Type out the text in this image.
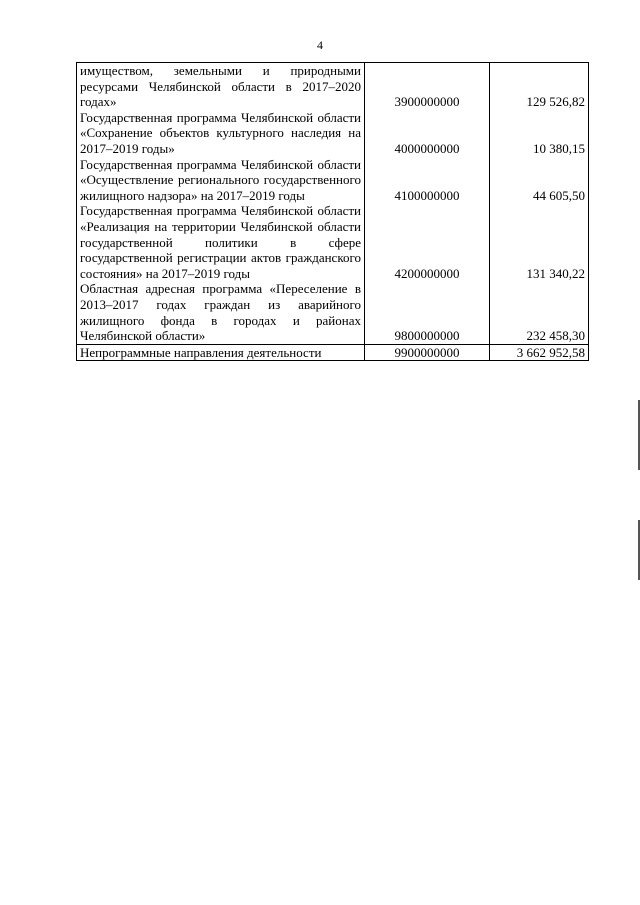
4
имуществом, земельными и природными ресурсами Челябинской области в 2017–2020 годах»	3900000000	129 526,82
Государственная программа Челябинской области «Сохранение объектов культурного наследия на 2017–2019 годы»	4000000000	10 380,15
Государственная программа Челябинской области «Осуществление регионального государственного жилищного надзора» на 2017–2019 годы	4100000000	44 605,50
Государственная программа Челябинской области «Реализация на территории Челябинской области государственной политики в сфере государственной регистрации актов гражданского состояния» на 2017–2019 годы	4200000000	131 340,22
Областная адресная программа «Переселение в 2013–2017 годах граждан из аварийного жилищного фонда в городах и районах Челябинской области»	9800000000	232 458,30
Непрограммные направления деятельности	9900000000	3 662 952,58
